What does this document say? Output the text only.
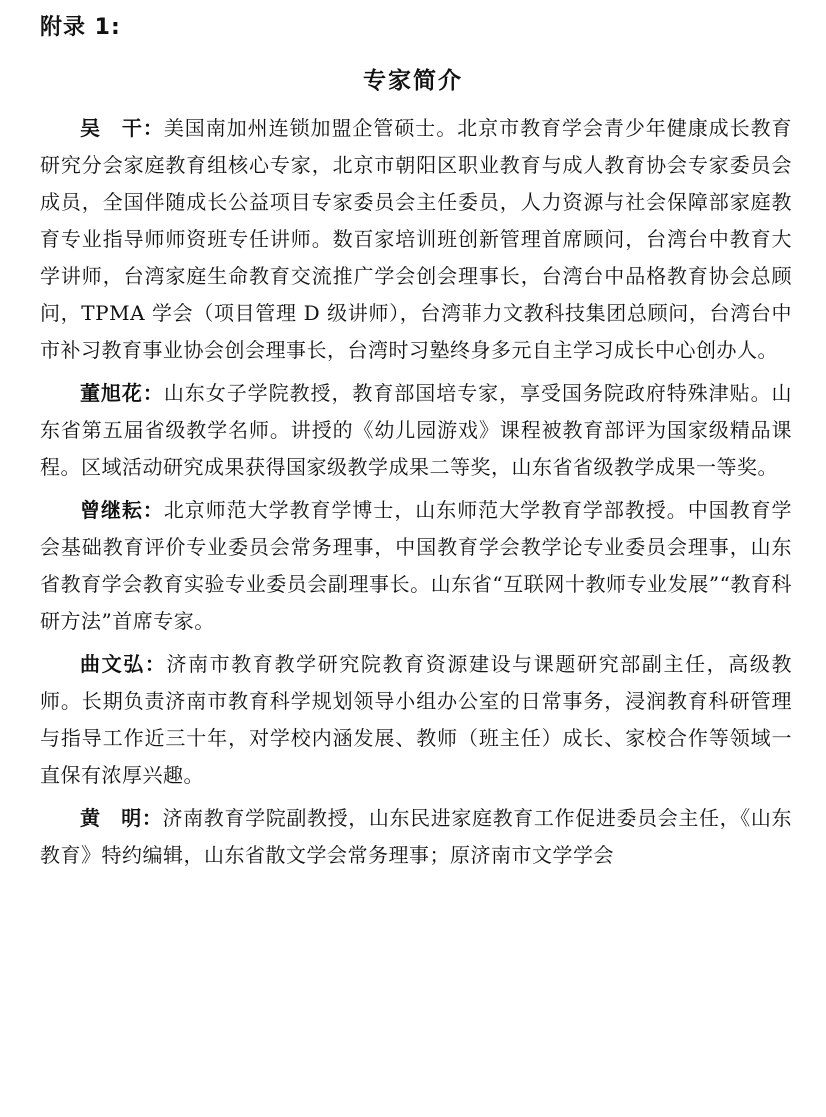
附录 1:
专家简介

吴　干：美国南加州连锁加盟企管硕士。北京市教育学会青少年健康成长教育研究分会家庭教育组核心专家，北京市朝阳区职业教育与成人教育协会专家委员会成员，全国伴随成长公益项目专家委员会主任委员，人力资源与社会保障部家庭教育专业指导师师资班专任讲师。数百家培训班创新管理首席顾问，台湾台中教育大学讲师，台湾家庭生命教育交流推广学会创会理事长，台湾台中品格教育协会总顾问，TPMA 学会（项目管理 D 级讲师），台湾菲力文教科技集团总顾问，台湾台中市补习教育事业协会创会理事长，台湾时习塾终身多元自主学习成长中心创办人。

董旭花：山东女子学院教授，教育部国培专家，享受国务院政府特殊津贴。山东省第五届省级教学名师。讲授的《幼儿园游戏》课程被教育部评为国家级精品课程。区域活动研究成果获得国家级教学成果二等奖，山东省省级教学成果一等奖。

曾继耘：北京师范大学教育学博士，山东师范大学教育学部教授。中国教育学会基础教育评价专业委员会常务理事，中国教育学会教学论专业委员会理事，山东省教育学会教育实验专业委员会副理事长。山东省“互联网十教师专业发展”“教育科研方法”首席专家。

曲文弘：济南市教育教学研究院教育资源建设与课题研究部副主任，高级教师。长期负责济南市教育科学规划领导小组办公室的日常事务，浸润教育科研管理与指导工作近三十年，对学校内涵发展、教师（班主任）成长、家校合作等领域一直保有浓厚兴趣。

黄　明：济南教育学院副教授，山东民进家庭教育工作促进委员会主任，《山东教育》特约编辑，山东省散文学会常务理事；原济南市文学学会
